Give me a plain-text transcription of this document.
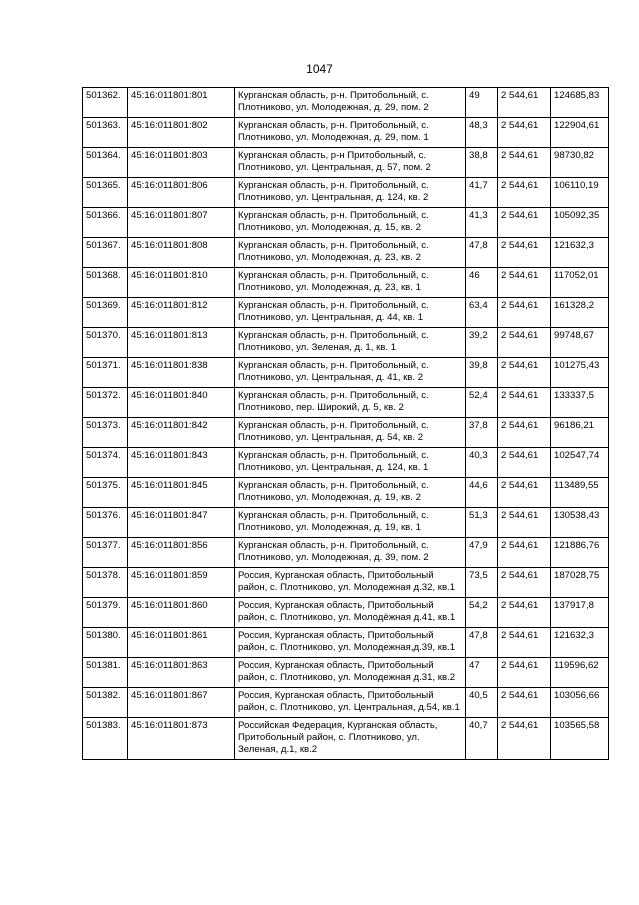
1047
501362.	45:16:011801:801	Курганская область, р-н. Притобольный, с. Плотниково, ул. Молодежная, д. 29, пом. 2	49	2 544,61	124685,83
501363.	45:16:011801:802	Курганская область, р-н. Притобольный, с. Плотниково, ул. Молодежная, д. 29, пом. 1	48,3	2 544,61	122904,61
501364.	45:16:011801:803	Курганская область, р-н Притобольный, с. Плотниково, ул. Центральная, д. 57, пом. 2	38,8	2 544,61	98730,82
501365.	45:16:011801:806	Курганская область, р-н. Притобольный, с. Плотниково, ул. Центральная, д. 124, кв. 2	41,7	2 544,61	106110,19
501366.	45:16:011801:807	Курганская область, р-н. Притобольный, с. Плотниково, ул. Молодежная, д. 15, кв. 2	41,3	2 544,61	105092,35
501367.	45:16:011801:808	Курганская область, р-н. Притобольный, с. Плотниково, ул. Молодежная, д. 23, кв. 2	47,8	2 544,61	121632,3
501368.	45:16:011801:810	Курганская область, р-н. Притобольный, с. Плотниково, ул. Молодежная, д. 23, кв. 1	46	2 544,61	117052,01
501369.	45:16:011801:812	Курганская область, р-н. Притобольный, с. Плотниково, ул. Центральная, д. 44, кв. 1	63,4	2 544,61	161328,2
501370.	45:16:011801:813	Курганская область, р-н. Притобольный, с. Плотниково, ул. Зеленая, д. 1, кв. 1	39,2	2 544,61	99748,67
501371.	45:16:011801:838	Курганская область, р-н. Притобольный, с. Плотниково, ул. Центральная, д. 41, кв. 2	39,8	2 544,61	101275,43
501372.	45:16:011801:840	Курганская область, р-н. Притобольный, с. Плотниково, пер. Широкий, д. 5, кв. 2	52,4	2 544,61	133337,5
501373.	45:16:011801:842	Курганская область, р-н. Притобольный, с. Плотниково, ул. Центральная, д. 54, кв. 2	37,8	2 544,61	96186,21
501374.	45:16:011801:843	Курганская область, р-н. Притобольный, с. Плотниково, ул. Центральная, д. 124, кв. 1	40,3	2 544,61	102547,74
501375.	45:16:011801:845	Курганская область, р-н. Притобольный, с. Плотниково, ул. Молодежная, д. 19, кв. 2	44,6	2 544,61	113489,55
501376.	45:16:011801:847	Курганская область, р-н. Притобольный, с. Плотниково, ул. Молодежная, д. 19, кв. 1	51,3	2 544,61	130538,43
501377.	45:16:011801:856	Курганская область, р-н. Притобольный, с. Плотниково, ул. Молодежная, д. 39, пом. 2	47,9	2 544,61	121886,76
501378.	45:16:011801:859	Россия, Курганская область, Притобольный район, с. Плотниково, ул. Молодежная д.32, кв.1	73,5	2 544,61	187028,75
501379.	45:16:011801:860	Россия, Курганская область, Притобольный район, с. Плотниково, ул. Молодёжная д.41, кв.1	54,2	2 544,61	137917,8
501380.	45:16:011801:861	Россия, Курганская область, Притобольный район, с. Плотниково, ул. Молодежная,д.39, кв.1	47,8	2 544,61	121632,3
501381.	45:16:011801:863	Россия, Курганская область, Притобольный район, с. Плотниково, ул. Молодежная д.31, кв.2	47	2 544,61	119596,62
501382.	45:16:011801:867	Россия, Курганская область, Притобольный район, с. Плотниково, ул. Центральная, д.54, кв.1	40,5	2 544,61	103056,66
501383.	45:16:011801:873	Российская Федерация, Курганская область, Притобольный район, с. Плотниково, ул. Зеленая, д.1, кв.2	40,7	2 544,61	103565,58
